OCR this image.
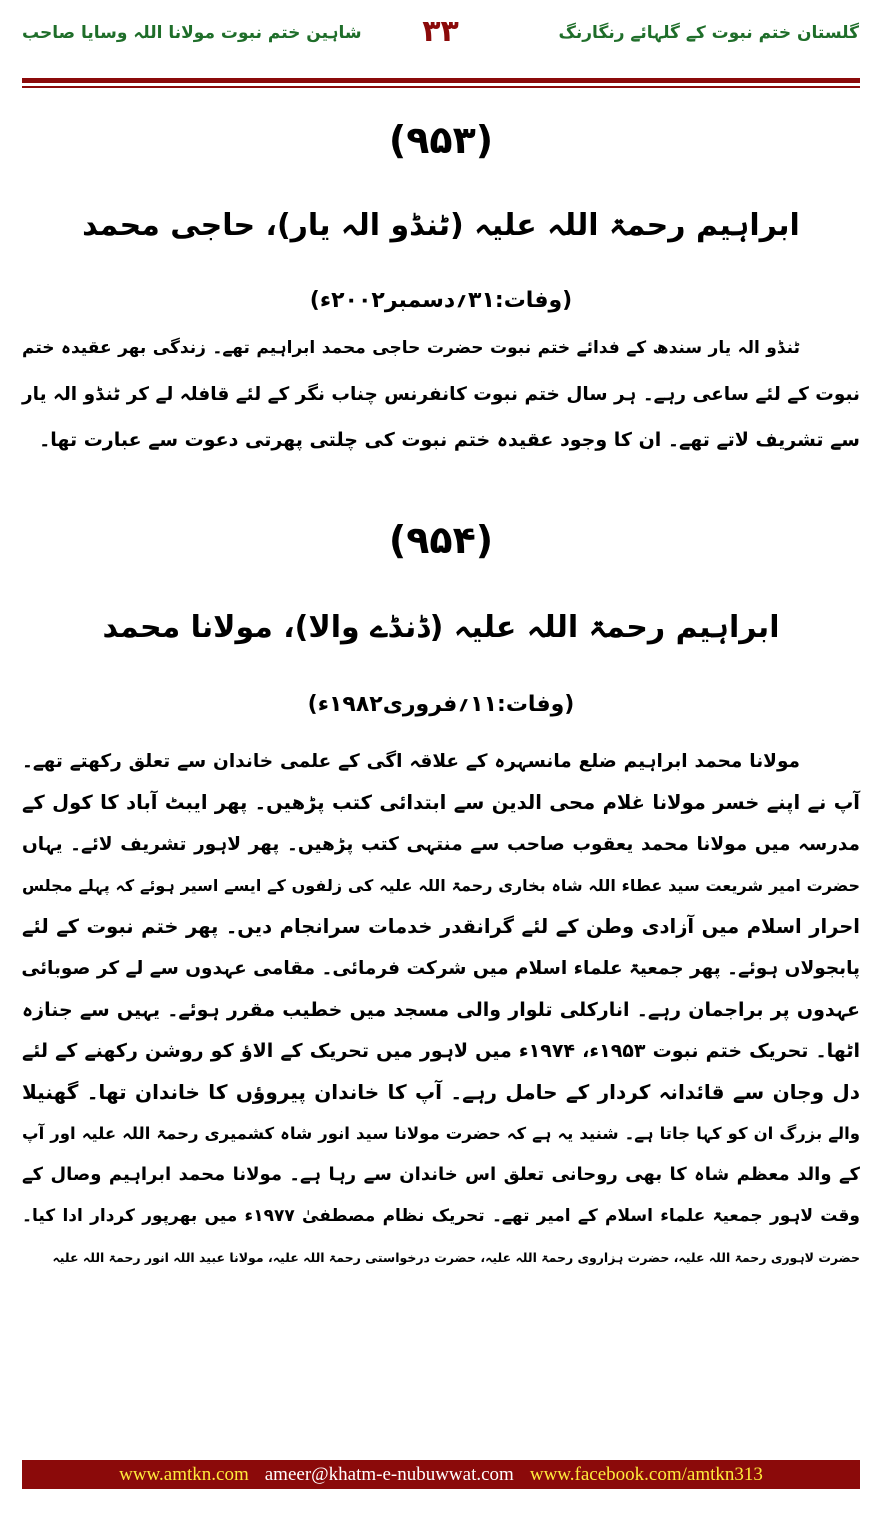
گلستان ختم نبوت کے گلہائے رنگارنگ
۳۳
شاہین ختم نبوت مولانا اللہ وسایا صاحب
(۹۵۳)
ابراہیم رحمۃ اللہ علیہ (ٹنڈو الہ یار)، حاجی محمد
(وفات:۳۱؍دسمبر۲۰۰۲ء)
ٹنڈو الہ یار سندھ کے فدائے ختم نبوت حضرت حاجی محمد ابراہیم تھے۔ زندگی بھر عقیدہ ختم
نبوت کے لئے ساعی رہے۔ ہر سال ختم نبوت کانفرنس چناب نگر کے لئے قافلہ لے کر ٹنڈو الہ یار
سے تشریف لاتے تھے۔ ان کا وجود عقیدہ ختم نبوت کی چلتی پھرتی دعوت سے عبارت تھا۔
(۹۵۴)
ابراہیم رحمۃ اللہ علیہ (ڈنڈے والا)، مولانا محمد
(وفات:۱۱؍فروری۱۹۸۲ء)
مولانا محمد ابراہیم ضلع مانسہرہ کے علاقہ اگی کے علمی خاندان سے تعلق رکھتے تھے۔
آپ نے اپنے خسر مولانا غلام محی الدین سے ابتدائی کتب پڑھیں۔ پھر ایبٹ آباد کا کول کے
مدرسہ میں مولانا محمد یعقوب صاحب سے منتہی کتب پڑھیں۔ پھر لاہور تشریف لائے۔ یہاں
حضرت امیر شریعت سید عطاء اللہ شاہ بخاری رحمۃ اللہ علیہ کی زلفوں کے ایسے اسیر ہوئے کہ پہلے مجلس
احرار اسلام میں آزادی وطن کے لئے گرانقدر خدمات سرانجام دیں۔ پھر ختم نبوت کے لئے
پابجولاں ہوئے۔ پھر جمعیۃ علماء اسلام میں شرکت فرمائی۔ مقامی عہدوں سے لے کر صوبائی
عہدوں پر براجمان رہے۔ انارکلی تلوار والی مسجد میں خطیب مقرر ہوئے۔ یہیں سے جنازہ
اٹھا۔ تحریک ختم نبوت ۱۹۵۳ء، ۱۹۷۴ء میں لاہور میں تحریک کے الاؤ کو روشن رکھنے کے لئے
دل وجان سے قائدانہ کردار کے حامل رہے۔ آپ کا خاندان پیروؤں کا خاندان تھا۔ گھنیلا
والے بزرگ ان کو کہا جاتا ہے۔ شنید یہ ہے کہ حضرت مولانا سید انور شاہ کشمیری رحمۃ اللہ علیہ اور آپ
کے والد معظم شاہ کا بھی روحانی تعلق اس خاندان سے رہا ہے۔ مولانا محمد ابراہیم وصال کے
وقت لاہور جمعیۃ علماء اسلام کے امیر تھے۔ تحریک نظام مصطفیٰ ۱۹۷۷ء میں بھرپور کردار ادا کیا۔
حضرت لاہوری رحمۃ اللہ علیہ، حضرت ہزاروی رحمۃ اللہ علیہ، حضرت درخواستی رحمۃ اللہ علیہ، مولانا عبید اللہ انور رحمۃ اللہ علیہ
www.amtkn.com ameer@khatm-e-nubuwwat.com www.facebook.com/amtkn313
